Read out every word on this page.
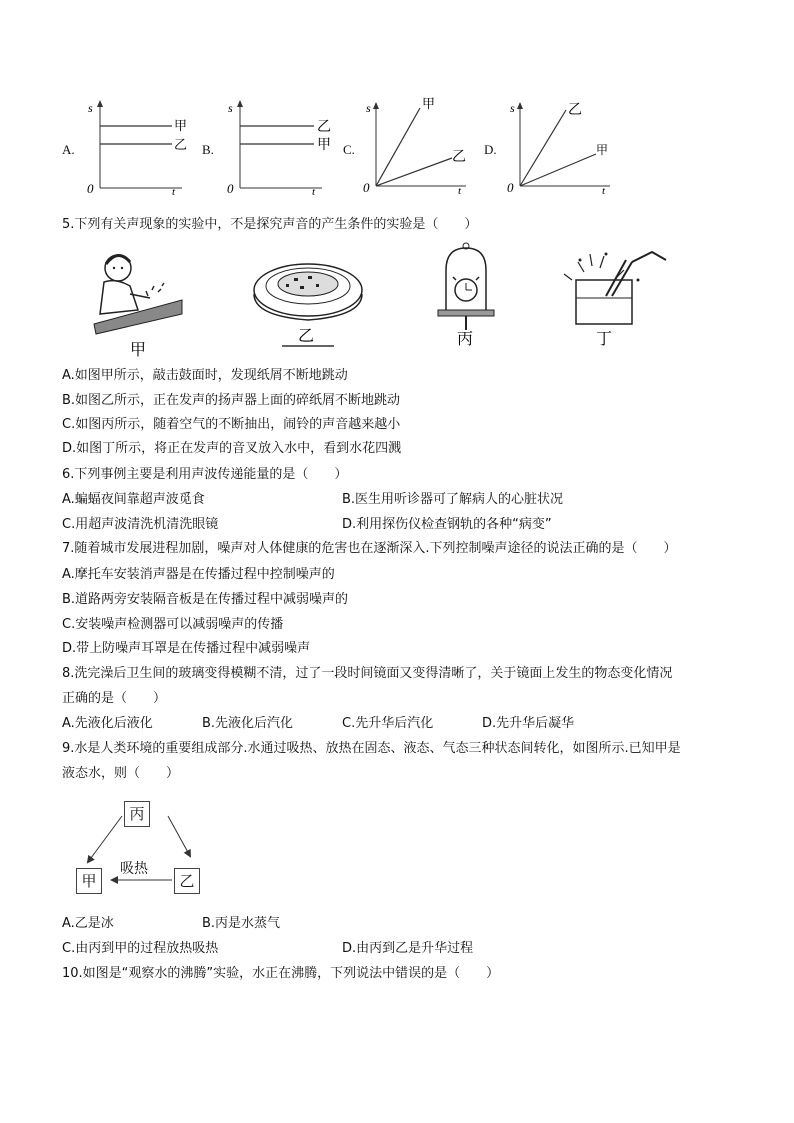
A.
s
t
0
甲
乙 B.
s
t
0
乙
甲 C.
s
t
0
甲
乙 D.
s
t
0
乙
甲
5.下列有关声现象的实验中，不是探究声音的产生条件的实验是（　　）
甲
乙	丙	丁
A.如图甲所示，敲击鼓面时，发现纸屑不断地跳动
B.如图乙所示，正在发声的扬声器上面的碎纸屑不断地跳动
C.如图丙所示，随着空气的不断抽出，闹铃的声音越来越小
D.如图丁所示，将正在发声的音叉放入水中，看到水花四溅
6.下列事例主要是利用声波传递能量的是（　　）
A.蝙蝠夜间靠超声波觅食	B.医生用听诊器可了解病人的心脏状况
C.用超声波清洗机清洗眼镜	D.利用探伤仪检查钢轨的各种“病变”
7.随着城市发展进程加剧，噪声对人体健康的危害也在逐渐深入.下列控制噪声途径的说法正确的是（　　）
A.摩托车安装消声器是在传播过程中控制噪声的
B.道路两旁安装隔音板是在传播过程中减弱噪声的
C.安装噪声检测器可以减弱噪声的传播
D.带上防噪声耳罩是在传播过程中减弱噪声
8.洗完澡后卫生间的玻璃变得模糊不清，过了一段时间镜面又变得清晰了，关于镜面上发生的物态变化情况
正确的是（　　）
A.先液化后液化	B.先液化后汽化	C.先升华后汽化	D.先升华后凝华
9.水是人类环境的重要组成部分.水通过吸热、放热在固态、液态、气态三种状态间转化，如图所示.已知甲是
液态水，则（　　）
丙
甲	乙
吸热
A.乙是冰	B.丙是水蒸气
C.由丙到甲的过程放热吸热	D.由丙到乙是升华过程
10.如图是“观察水的沸腾”实验，水正在沸腾，下列说法中错误的是（　　）
